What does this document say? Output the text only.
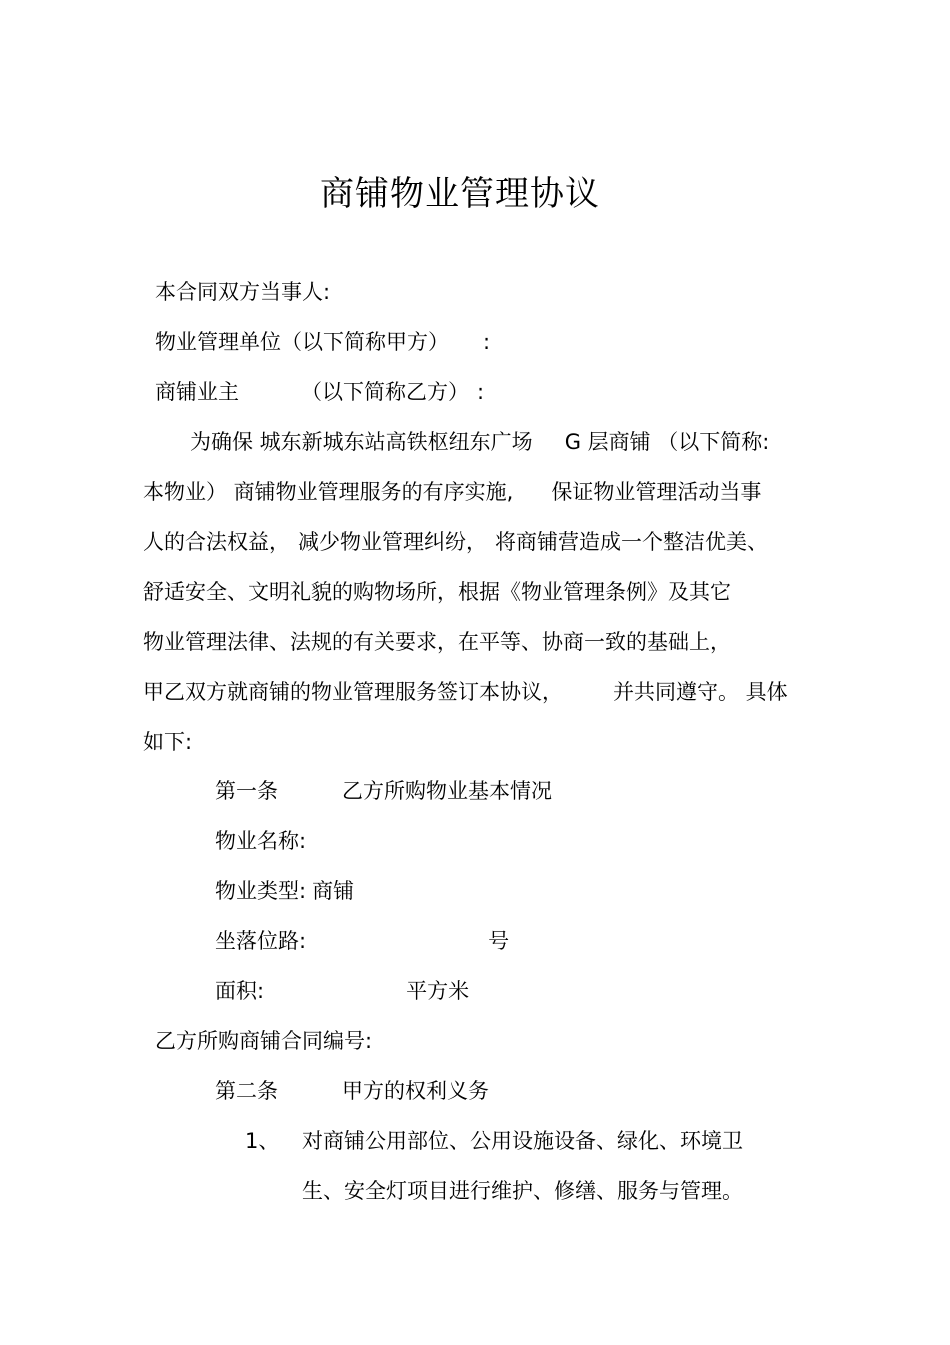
商铺物业管理协议
本合同双方当事人:
物业管理单位（以下简称甲方） :
商铺业主	（以下简称乙方） :
为确保 城东新城东站高铁枢纽东广场 G 层商铺 （以下简称:
本物业） 商铺物业管理服务的有序实施, 保证物业管理活动当事
人的合法权益， 减少物业管理纠纷， 将商铺营造成一个整洁优美、
舒适安全、文明礼貌的购物场所，根据《物业管理条例》及其它
物业管理法律、法规的有关要求，在平等、协商一致的基础上，
甲乙双方就商铺的物业管理服务签订本协议， 并共同遵守。 具体
如下:
第一条	乙方所购物业基本情况
物业名称:
物业类型: 商铺
坐落位路:	号
面积:	平方米
乙方所购商铺合同编号:
第二条	甲方的权利义务
1、 对商铺公用部位、公用设施设备、绿化、环境卫
生、安全灯项目进行维护、修缮、服务与管理。
